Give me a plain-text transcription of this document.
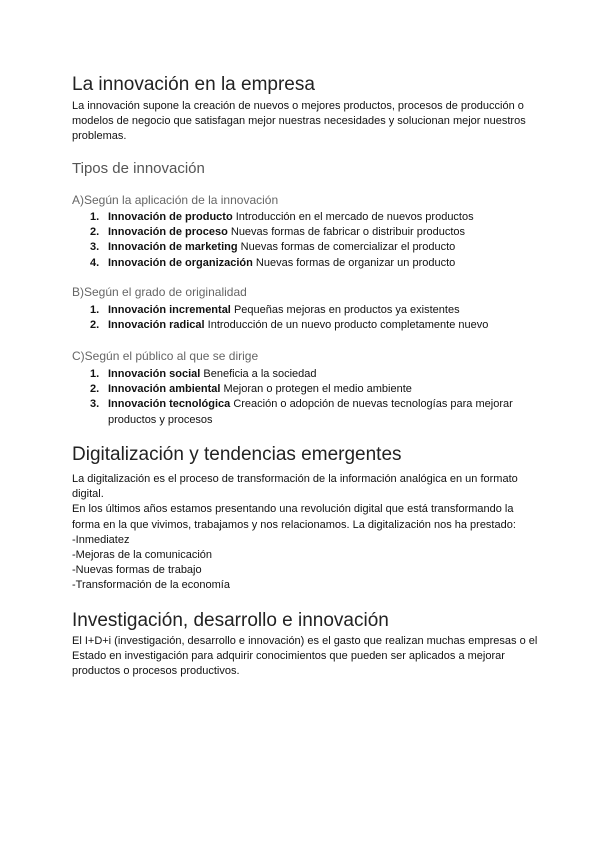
La innovación en la empresa

La innovación supone la creación de nuevos o mejores productos, procesos de producción o modelos de negocio que satisfagan mejor nuestras necesidades y solucionan mejor nuestros problemas.

Tipos de innovación
A)Según la aplicación de la innovación
1. Innovación de producto Introducción en el mercado de nuevos productos
2. Innovación de proceso Nuevas formas de fabricar o distribuir productos
3. Innovación de marketing Nuevas formas de comercializar el producto
4. Innovación de organización Nuevas formas de organizar un producto
B)Según el grado de originalidad
1. Innovación incremental Pequeñas mejoras en productos ya existentes
2. Innovación radical Introducción de un nuevo producto completamente nuevo
C)Según el público al que se dirige
1. Innovación social Beneficia a la sociedad
2. Innovación ambiental Mejoran o protegen el medio ambiente
3. Innovación tecnológica Creación o adopción de nuevas tecnologías para mejorar productos y procesos
Digitalización y tendencias emergentes

La digitalización es el proceso de transformación de la información analógica en un formato digital.

En los últimos años estamos presentando una revolución digital que está transformando la forma en la que vivimos, trabajamos y nos relacionamos. La digitalización nos ha prestado:

-Inmediatez
-Mejoras de la comunicación
-Nuevas formas de trabajo
-Transformación de la economía
Investigación, desarrollo e innovación

El I+D+i (investigación, desarrollo e innovación) es el gasto que realizan muchas empresas o el Estado en investigación para adquirir conocimientos que pueden ser aplicados a mejorar productos o procesos productivos.
